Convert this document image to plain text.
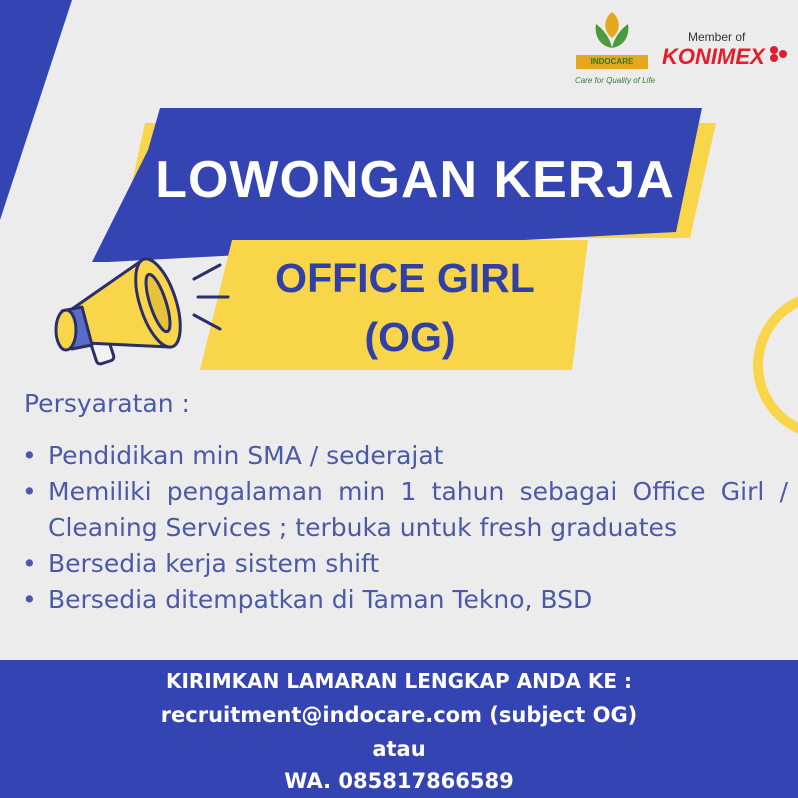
INDOCARE
Care for Quality of Life
Member of
KONIMEX
LOWONGAN KERJA
OFFICE GIRL
(OG)
Persyaratan :
• Pendidikan min SMA / sederajat
• Memiliki pengalaman min 1 tahun sebagai Office Girl / Cleaning Services ; terbuka untuk fresh graduates
• Bersedia kerja sistem shift
• Bersedia ditempatkan di Taman Tekno, BSD
KIRIMKAN LAMARAN LENGKAP ANDA KE :
recruitment@indocare.com (subject OG)
atau
WA. 085817866589
